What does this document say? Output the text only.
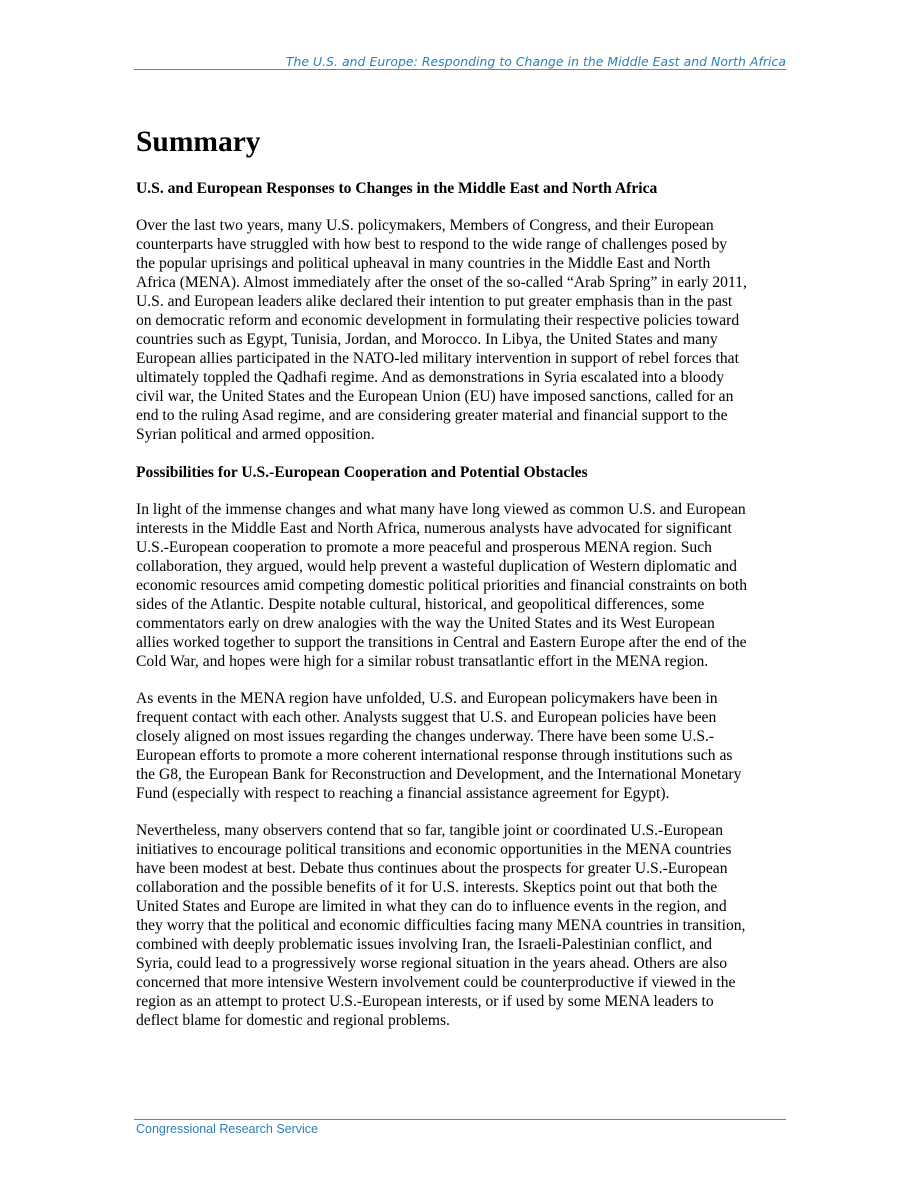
The U.S. and Europe: Responding to Change in the Middle East and North Africa
Summary
U.S. and European Responses to Changes in the Middle East and North Africa

Over the last two years, many U.S. policymakers, Members of Congress, and their European
counterparts have struggled with how best to respond to the wide range of challenges posed by
the popular uprisings and political upheaval in many countries in the Middle East and North
Africa (MENA). Almost immediately after the onset of the so-called “Arab Spring” in early 2011,
U.S. and European leaders alike declared their intention to put greater emphasis than in the past
on democratic reform and economic development in formulating their respective policies toward
countries such as Egypt, Tunisia, Jordan, and Morocco. In Libya, the United States and many
European allies participated in the NATO-led military intervention in support of rebel forces that
ultimately toppled the Qadhafi regime. And as demonstrations in Syria escalated into a bloody
civil war, the United States and the European Union (EU) have imposed sanctions, called for an
end to the ruling Asad regime, and are considering greater material and financial support to the
Syrian political and armed opposition.

Possibilities for U.S.-European Cooperation and Potential Obstacles

In light of the immense changes and what many have long viewed as common U.S. and European
interests in the Middle East and North Africa, numerous analysts have advocated for significant
U.S.-European cooperation to promote a more peaceful and prosperous MENA region. Such
collaboration, they argued, would help prevent a wasteful duplication of Western diplomatic and
economic resources amid competing domestic political priorities and financial constraints on both
sides of the Atlantic. Despite notable cultural, historical, and geopolitical differences, some
commentators early on drew analogies with the way the United States and its West European
allies worked together to support the transitions in Central and Eastern Europe after the end of the
Cold War, and hopes were high for a similar robust transatlantic effort in the MENA region.

As events in the MENA region have unfolded, U.S. and European policymakers have been in
frequent contact with each other. Analysts suggest that U.S. and European policies have been
closely aligned on most issues regarding the changes underway. There have been some U.S.-
European efforts to promote a more coherent international response through institutions such as
the G8, the European Bank for Reconstruction and Development, and the International Monetary
Fund (especially with respect to reaching a financial assistance agreement for Egypt).

Nevertheless, many observers contend that so far, tangible joint or coordinated U.S.-European
initiatives to encourage political transitions and economic opportunities in the MENA countries
have been modest at best. Debate thus continues about the prospects for greater U.S.-European
collaboration and the possible benefits of it for U.S. interests. Skeptics point out that both the
United States and Europe are limited in what they can do to influence events in the region, and
they worry that the political and economic difficulties facing many MENA countries in transition,
combined with deeply problematic issues involving Iran, the Israeli-Palestinian conflict, and
Syria, could lead to a progressively worse regional situation in the years ahead. Others are also
concerned that more intensive Western involvement could be counterproductive if viewed in the
region as an attempt to protect U.S.-European interests, or if used by some MENA leaders to
deflect blame for domestic and regional problems.

Congressional Research Service
